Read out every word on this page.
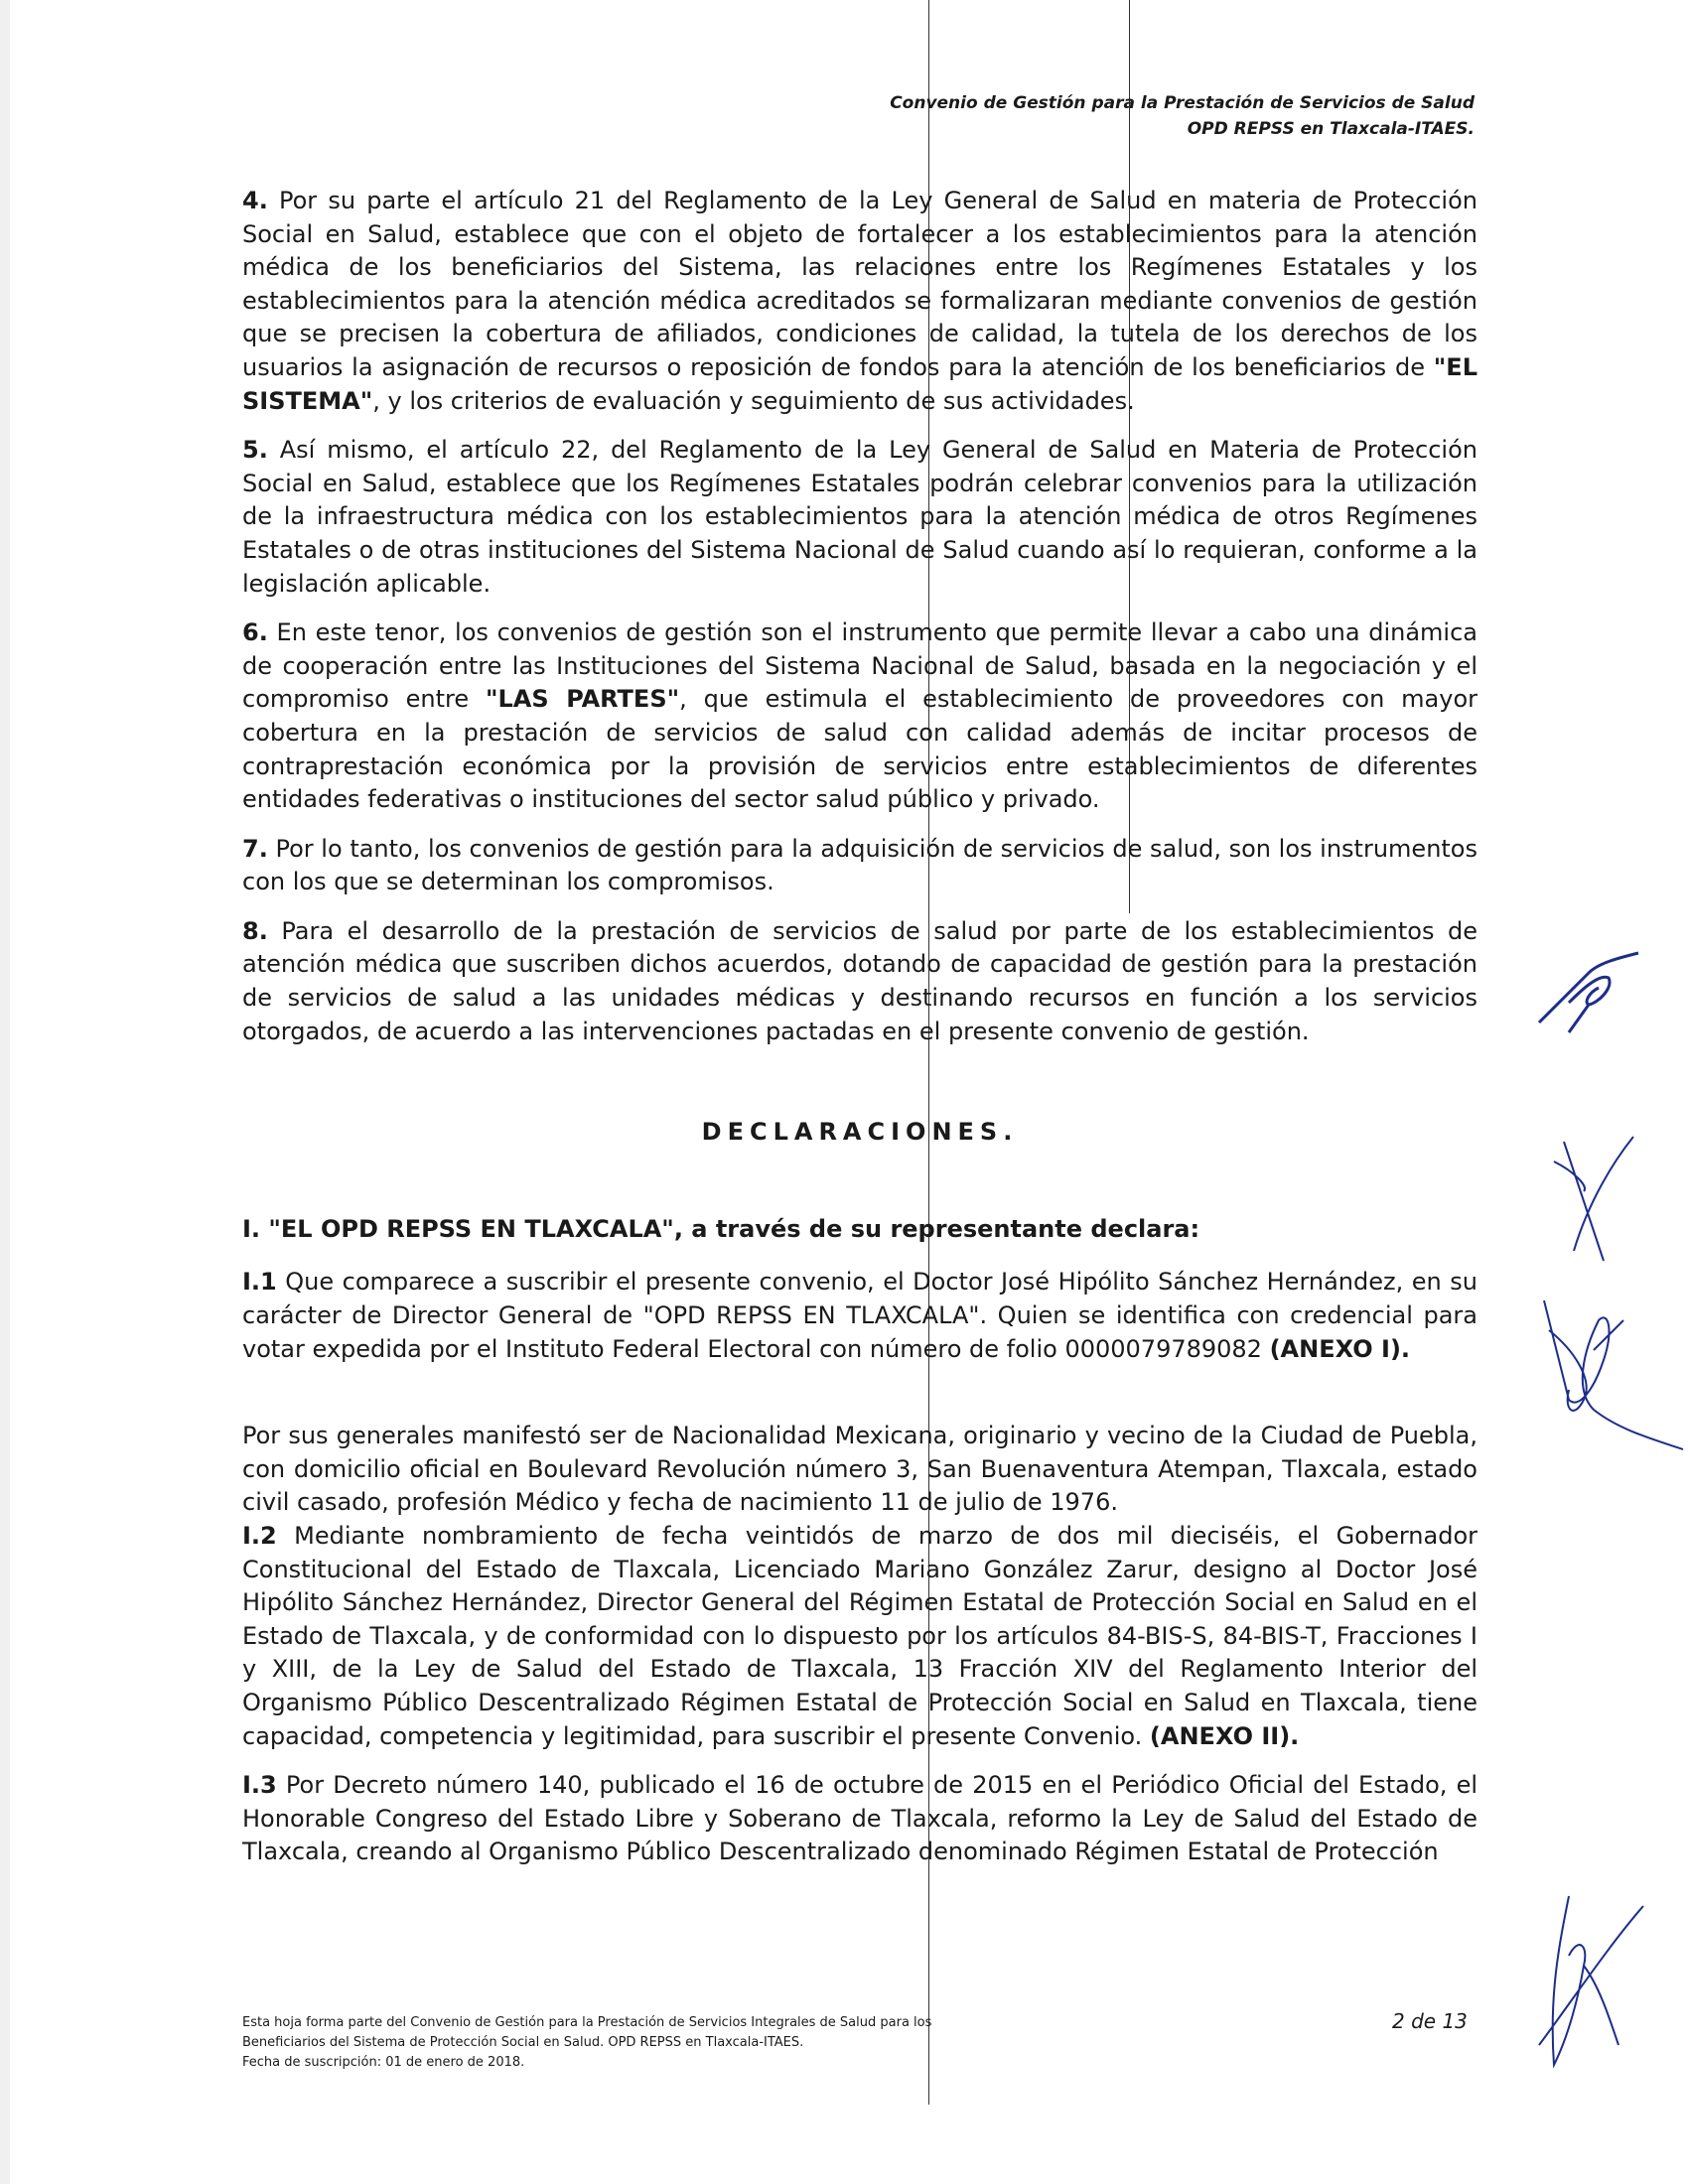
Convenio de Gestión para la Prestación de Servicios de Salud
OPD REPSS en Tlaxcala-ITAES.

4. Por su parte el artículo 21 del Reglamento de la Ley General de Salud en materia de Protección Social en Salud, establece que con el objeto de fortalecer a los establecimientos para la atención médica de los beneficiarios del Sistema, las relaciones entre los Regímenes Estatales y los establecimientos para la atención médica acreditados se formalizaran mediante convenios de gestión que se precisen la cobertura de afiliados, condiciones de calidad, la tutela de los derechos de los usuarios la asignación de recursos o reposición de fondos para la atención de los beneficiarios de "EL SISTEMA", y los criterios de evaluación y seguimiento de sus actividades.

5. Así mismo, el artículo 22, del Reglamento de la Ley General de Salud en Materia de Protección Social en Salud, establece que los Regímenes Estatales podrán celebrar convenios para la utilización de la infraestructura médica con los establecimientos para la atención médica de otros Regímenes Estatales o de otras instituciones del Sistema Nacional de Salud cuando así lo requieran, conforme a la legislación aplicable.

6. En este tenor, los convenios de gestión son el instrumento que permite llevar a cabo una dinámica de cooperación entre las Instituciones del Sistema Nacional de Salud, basada en la negociación y el compromiso entre "LAS PARTES", que estimula el establecimiento de proveedores con mayor cobertura en la prestación de servicios de salud con calidad además de incitar procesos de contraprestación económica por la provisión de servicios entre establecimientos de diferentes entidades federativas o instituciones del sector salud público y privado.

7. Por lo tanto, los convenios de gestión para la adquisición de servicios de salud, son los instrumentos con los que se determinan los compromisos.

8. Para el desarrollo de la prestación de servicios de salud por parte de los establecimientos de atención médica que suscriben dichos acuerdos, dotando de capacidad de gestión para la prestación de servicios de salud a las unidades médicas y destinando recursos en función a los servicios otorgados, de acuerdo a las intervenciones pactadas en el presente convenio de gestión.

DECLARACIONES.
I. "EL OPD REPSS EN TLAXCALA", a través de su representante declara:

I.1 Que comparece a suscribir el presente convenio, el Doctor José Hipólito Sánchez Hernández, en su carácter de Director General de "OPD REPSS EN TLAXCALA". Quien se identifica con credencial para votar expedida por el Instituto Federal Electoral con número de folio 0000079789082 (ANEXO I).

Por sus generales manifestó ser de Nacionalidad Mexicana, originario y vecino de la Ciudad de Puebla, con domicilio oficial en Boulevard Revolución número 3, San Buenaventura Atempan, Tlaxcala, estado civil casado, profesión Médico y fecha de nacimiento 11 de julio de 1976.

I.2 Mediante nombramiento de fecha veintidós de marzo de dos mil dieciséis, el Gobernador Constitucional del Estado de Tlaxcala, Licenciado Mariano González Zarur, designo al Doctor José Hipólito Sánchez Hernández, Director General del Régimen Estatal de Protección Social en Salud en el Estado de Tlaxcala, y de conformidad con lo dispuesto por los artículos 84-BIS-S, 84-BIS-T, Fracciones I y XIII, de la Ley de Salud del Estado de Tlaxcala, 13 Fracción XIV del Reglamento Interior del Organismo Público Descentralizado Régimen Estatal de Protección Social en Salud en Tlaxcala, tiene capacidad, competencia y legitimidad, para suscribir el presente Convenio. (ANEXO II).

I.3 Por Decreto número 140, publicado el 16 de octubre de 2015 en el Periódico Oficial del Estado, el Honorable Congreso del Estado Libre y Soberano de Tlaxcala, reformo la Ley de Salud del Estado de Tlaxcala, creando al Organismo Público Descentralizado denominado Régimen Estatal de Protección

Esta hoja forma parte del Convenio de Gestión para la Prestación de Servicios Integrales de Salud para los
Beneficiarios del Sistema de Protección Social en Salud. OPD REPSS en Tlaxcala-ITAES.
Fecha de suscripción: 01 de enero de 2018.
2 de 13
